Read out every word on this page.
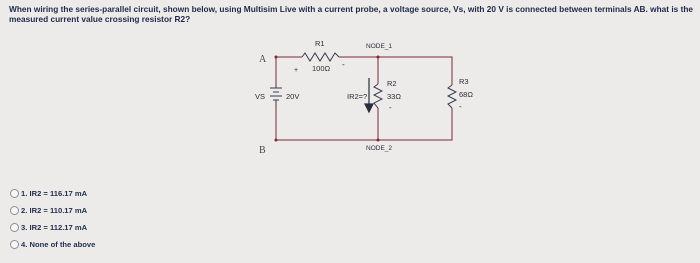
When wiring the series-parallel circuit, shown below, using Multisim Live with a current probe, a voltage source, Vs, with 20 V is connected between terminals AB. what is the measured current value crossing resistor R2?

A
B
VS	20V
R1
100Ω
+
-
NODE_1
NODE_2
IR2=?
R2
33Ω
-
R3
68Ω
-
1. IR2 = 116.17 mA
2. IR2 = 110.17 mA
3. IR2 = 112.17 mA
4. None of the above
